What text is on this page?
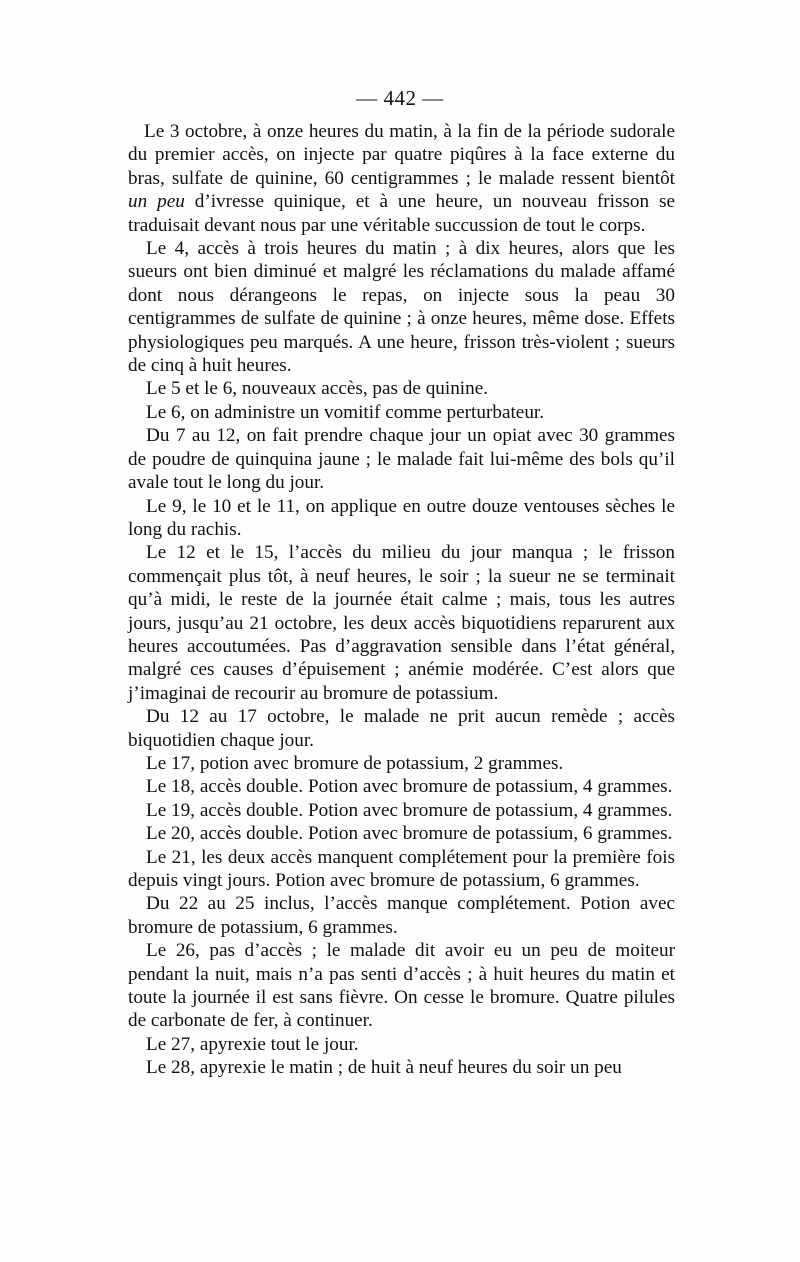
— 442 —

Le 3 octobre, à onze heures du matin, à la fin de la période sudorale du premier accès, on injecte par quatre piqûres à la face externe du bras, sulfate de quinine, 60 centigrammes ; le malade ressent bientôt un peu d’ivresse quinique, et à une heure, un nouveau frisson se traduisait devant nous par une véritable succussion de tout le corps.

Le 4, accès à trois heures du matin ; à dix heures, alors que les sueurs ont bien diminué et malgré les réclamations du malade affamé dont nous dérangeons le repas, on injecte sous la peau 30 centigrammes de sulfate de quinine ; à onze heures, même dose. Effets physiologiques peu marqués. A une heure, frisson très-violent ; sueurs de cinq à huit heures.

Le 5 et le 6, nouveaux accès, pas de quinine.

Le 6, on administre un vomitif comme perturbateur.

Du 7 au 12, on fait prendre chaque jour un opiat avec 30 grammes de poudre de quinquina jaune ; le malade fait lui-même des bols qu’il avale tout le long du jour.

Le 9, le 10 et le 11, on applique en outre douze ventouses sèches le long du rachis.

Le 12 et le 15, l’accès du milieu du jour manqua ; le frisson commençait plus tôt, à neuf heures, le soir ; la sueur ne se terminait qu’à midi, le reste de la journée était calme ; mais, tous les autres jours, jusqu’au 21 octobre, les deux accès biquotidiens reparurent aux heures accoutumées. Pas d’aggravation sensible dans l’état général, malgré ces causes d’épuisement ; anémie modérée. C’est alors que j’imaginai de recourir au bromure de potassium.

Du 12 au 17 octobre, le malade ne prit aucun remède ; accès biquotidien chaque jour.

Le 17, potion avec bromure de potassium, 2 grammes.

Le 18, accès double. Potion avec bromure de potassium, 4 grammes.

Le 19, accès double. Potion avec bromure de potassium, 4 grammes.

Le 20, accès double. Potion avec bromure de potassium, 6 grammes.

Le 21, les deux accès manquent complétement pour la première fois depuis vingt jours. Potion avec bromure de potassium, 6 grammes.

Du 22 au 25 inclus, l’accès manque complétement. Potion avec bromure de potassium, 6 grammes.

Le 26, pas d’accès ; le malade dit avoir eu un peu de moiteur pendant la nuit, mais n’a pas senti d’accès ; à huit heures du matin et toute la journée il est sans fièvre. On cesse le bromure. Quatre pilules de carbonate de fer, à continuer.

Le 27, apyrexie tout le jour.

Le 28, apyrexie le matin ; de huit à neuf heures du soir un peu
